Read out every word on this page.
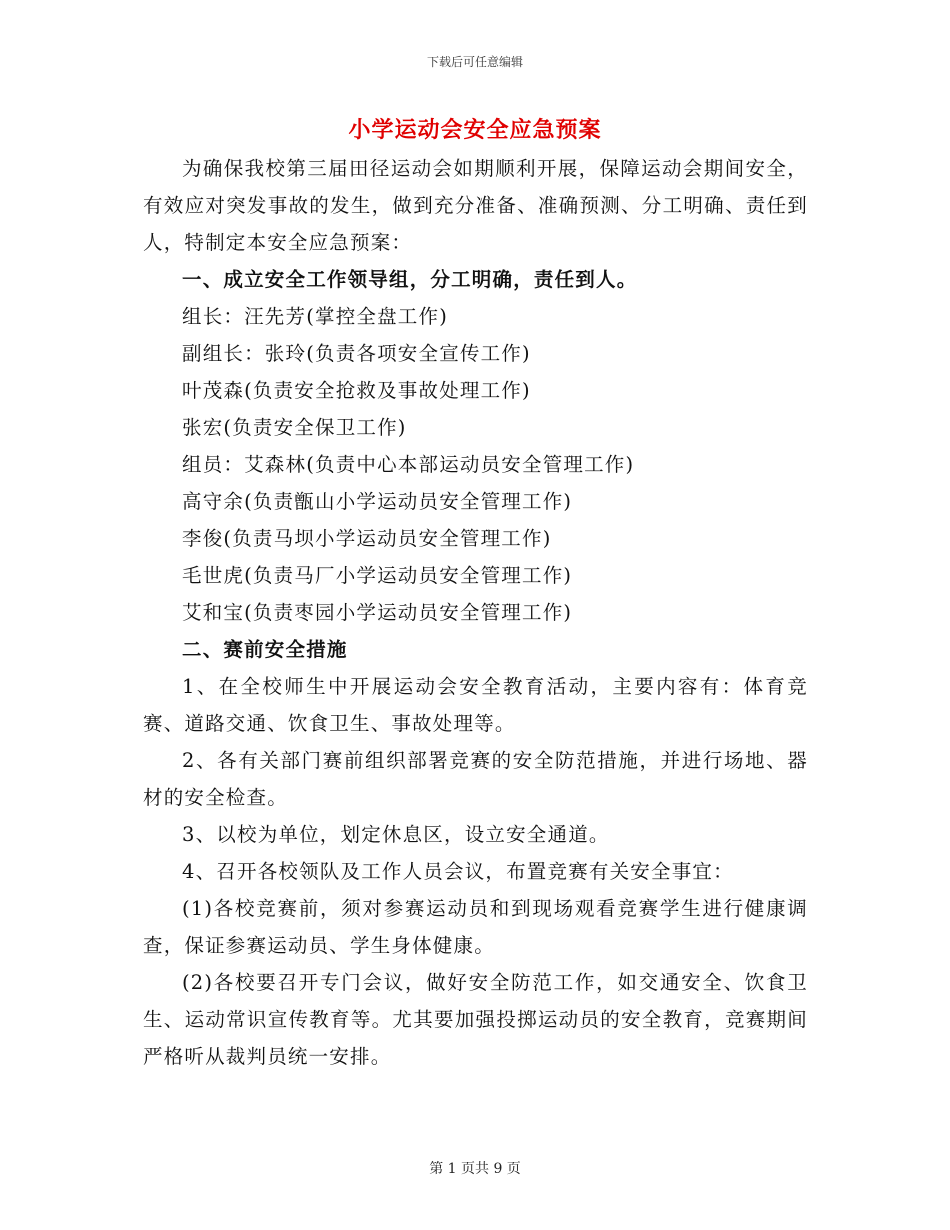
下载后可任意编辑
小学运动会安全应急预案

为确保我校第三届田径运动会如期顺利开展，保障运动会期间安全，有效应对突发事故的发生，做到充分准备、准确预测、分工明确、责任到人，特制定本安全应急预案：

一、成立安全工作领导组，分工明确，责任到人。

组长：汪先芳(掌控全盘工作)

副组长：张玲(负责各项安全宣传工作)

叶茂森(负责安全抢救及事故处理工作)

张宏(负责安全保卫工作)

组员：艾森林(负责中心本部运动员安全管理工作)

高守余(负责甑山小学运动员安全管理工作)

李俊(负责马坝小学运动员安全管理工作)

毛世虎(负责马厂小学运动员安全管理工作)

艾和宝(负责枣园小学运动员安全管理工作)

二、赛前安全措施

1、在全校师生中开展运动会安全教育活动，主要内容有：体育竞赛、道路交通、饮食卫生、事故处理等。

2、各有关部门赛前组织部署竞赛的安全防范措施，并进行场地、器材的安全检查。

3、以校为单位，划定休息区，设立安全通道。

4、召开各校领队及工作人员会议，布置竞赛有关安全事宜：

(1)各校竞赛前，须对参赛运动员和到现场观看竞赛学生进行健康调查，保证参赛运动员、学生身体健康。

(2)各校要召开专门会议，做好安全防范工作，如交通安全、饮食卫生、运动常识宣传教育等。尤其要加强投掷运动员的安全教育，竞赛期间严格听从裁判员统一安排。

第 1 页共 9 页
